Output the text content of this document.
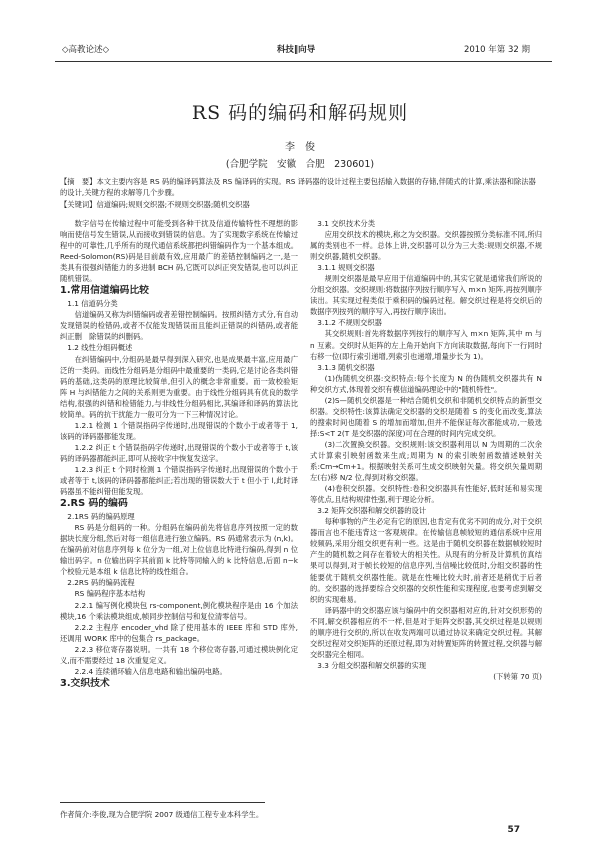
◇高教论述◇	科技‖向导	2010 年第 32 期
RS 码的编码和解码规则
李　俊
(合肥学院　安徽　合肥　230601)
【摘　要】本文主要内容是 RS 码的编译码算法及 RS 编译码的实现。RS 译码器的设计过程主要包括输入数据的存储,伴随式的计算,乘法器和除法器的设计,关键方程的求解等几个步骤。
【关键词】信道编码;规则交织器;不规则交织器;随机交织器
数字信号在传输过程中可能受到各种干扰及信道传输特性不理想的影响而使信号发生错误,从而接收到错误的信息。为了实现数字系统在传输过程中的可靠性,几乎所有的现代通信系统都把纠错编码作为一个基本组成。Reed-Solomon(RS)码是目前最有效,应用最广的差错控制编码之一,是一类具有很强纠错能力的多进制 BCH 码,它既可以纠正突发错误,也可以纠正随机错误。
1.常用信道编码比较
1.1 信道码分类
信道编码又称为纠错编码或者差错控制编码。按照纠错方式分,有自动发现错误的检错码,或者不仅能发现错误而且能纠正错误的纠错码,或者能纠正删　除错误的纠删码。
1.2 线性分组码概述
在纠错编码中,分组码是最早得到深入研究,也是成果最丰富,应用最广泛的一类码。而线性分组码是分组码中最重要的一类码,它是讨论各类纠错码的基础,这类码的原理比较简单,但引入的概念非常重要。而一致校验矩阵 H 与纠错能力之间的关系则更为重要。由于线性分组码具有优良的数学结构,很强的纠错和检错能力,与非线性分组码相比,其编译和译码的算法比较简单。码的抗干扰能力一般可分为一下三种情况讨论。
1.2.1 检测 1 个错误指码字传递时,出现错误的个数小于或者等于 1,该码的译码器都能发现。
1.2.2 纠正 t 个错误指码字传递时,出现错误的个数小于或者等于 t,该码的译码器都能纠正,即可从接收字中恢复发送字。
1.2.3 纠正 t 个同时检测 1 个错误指码字传递时,出现错误的个数小于或者等于 t,该码的译码器都能纠正;若出现的错误数大于 t 但小于 l,此时译码器虽不能纠错但能发现。
2.RS 码的编码
2.1RS 码的编码原理
RS 码是分组码的一种。分组码在编码前先将信息序列按照一定的数据块长度分组,然后对每一组信息进行独立编码。RS 码通常表示为 (n,k)。在编码前对信息序列每 k 位分为一组,对上位信息比特进行编码,得到 n 位输出码字。n 位输出码字其前面 k 比特等同输入的 k 比特信息,后面 n−k 个校验元是本组 k 信息比特的线性组合。
2.2RS 码的编码流程
RS 编码程序基本结构
2.2.1 编写例化模块包 rs-component,例化模块程序是由 16 个加法模块,16 个乘法模块组成,帧同步控制信号和复位清零信号。
2.2.2 主程序 encoder_vhd 除了使用基本的 IEEE 库和 STD 库外,还调用 WORK 库中的包集合 rs_package。
2.2.3 移位寄存器说明。一共有 18 个移位寄存器,可通过模块例化定义,而不需要经过 18 次重复定义。
2.2.4 连续循环输入信息电路和输出编码电路。
3.交织技术
3.1 交织技术分类
应用交织技术的模块,称之为交织器。交织器按照分类标准不同,所归属的类别也不一样。总体上讲,交织器可以分为三大类:规则交织器,不规则交织器,随机交织器。
3.1.1 规则交织器
规则交织器是最早应用于信道编码中的,其实它就是通常我们所说的分组交织器。交织规则:将数据序列按行顺序写入 m×n 矩阵,再按列顺序读出。其实现过程类似于乘积码的编码过程。解交织过程是将交织后的数据序列按列的顺序写入,再按行顺序读出。
3.1.2 不规则交织器
其交织规则:首先将数据序列按行的顺序写入 m×n 矩阵,其中 m 与 n 互素。交织时从矩阵的左上角开始向下方向读取数据,每向下一行同时右移一位(即行索引递增,列索引也递增,增量步长为 1)。
3.1.3 随机交织器
(1)伪随机交织器:交织特点:每个长度为 N 的伪随机交织器共有 N 种交织方式,体现着交织有模信道编码理论中的"随机特性"。
(2)S—随机交织器是一种结合随机交织和非随机交织特点的新型交织器。交织特性:该算法确定交织器的交织是随着 S 的变化而改变,算法的搜索时间也随着 S 的增加而增加,但并不能保证每次都能成功,一般选择:S<T 2(T 是交织器的深度)可在合理的时间内完成交织。
(3)二次置换交织器。交织规则:该交织器利用以 N 为周期的二次余式计算索引映射函数来生成;周期为 N 的索引映射函数描述映射关系:Cm→Cm+1。根据映射关系可生成交织映射矢量。将交织矢量周期左(右)移 N/2 位,得到对称交织器。
(4)卷积交织器。交织特性:卷积交织器具有性能好,低时延和易实现等优点,且结构规律性强,利于理论分析。
3.2 矩阵交织器和解交织器的设计
每种事物的产生必定有它的原因,也肯定有优劣不同的成分,对于交织器而言也不能违背这一客观规律。在传输信息帧较短的通信系统中应用较频码,采用分组交织更有利一些。这是由于随机交织器在数据帧较短时产生的随机数之间存在着较大的相关性。从现有的分析及计算机仿真结果可以得到,对于帧长较短的信息序列,当信噪比较低时,分组交织器的性能要优于随机交织器性能。就是在性噪比较大时,前者还是稍优于后者的。交织器的选择要综合交织器的交织性能和实现程度,也要考虑到解交织的实现难易。
译码器中的交织器应该与编码中的交织器相对应的,针对交织形势的不同,解交织器相应的不一样,但是对于矩阵交织器,其交织过程是以规则的顺序进行交织的,所以在收发两端可以通过协议来确定交织过程。其解交织过程对交织矩阵的还原过程,即为对转置矩阵的转置过程,交织器与解交织器完全相同。
3.3 分组交织器和解交织器的实现
(下转第 70 页)
作者简介:李俊,现为合肥学院 2007 级通信工程专业本科学生。
57
